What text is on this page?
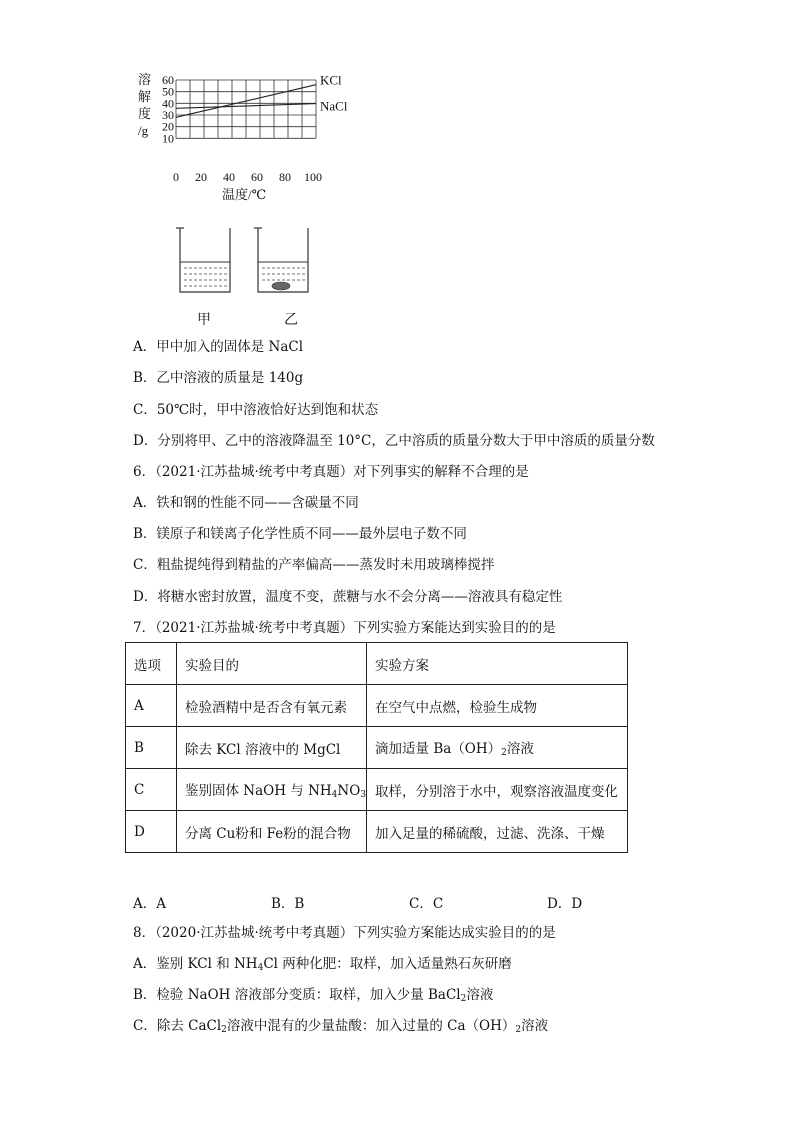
溶
解
度
/g
60
50
40
30
20
10
0 20 40 60 80 100
KCl
NaCl
温度/℃
甲	乙
A．甲中加入的固体是 NaCl
B．乙中溶液的质量是 140g
C．50℃时，甲中溶液恰好达到饱和状态
D．分别将甲、乙中的溶液降温至 10°C，乙中溶质的质量分数大于甲中溶质的质量分数
6．（2021·江苏盐城·统考中考真题）对下列事实的解释不合理的是
A．铁和钢的性能不同——含碳量不同
B．镁原子和镁离子化学性质不同——最外层电子数不同
C．粗盐提纯得到精盐的产率偏高——蒸发时未用玻璃棒搅拌
D．将糖水密封放置，温度不变，蔗糖与水不会分离——溶液具有稳定性
7．（2021·江苏盐城·统考中考真题）下列实验方案能达到实验目的的是
选项	实验目的	实验方案
A	检验酒精中是否含有氧元素	在空气中点燃，检验生成物
B	除去 KCl 溶液中的 MgCl	滴加适量 $Ba(OH)_2$溶液
C	鉴别固体 NaOH 与 $NH_4NO_3$	取样，分别溶于水中，观察溶液温度变化
D	分离 Cu粉和 Fe粉的混合物	加入足量的稀硫酸，过滤、洗涤、干燥
A．A	B．B	C．C	D．D
8．（2020·江苏盐城·统考中考真题）下列实验方案能达成实验目的的是
A．鉴别 KCl 和 $NH_4Cl$ 两种化肥：取样，加入适量熟石灰研磨
B．检验 NaOH 溶液部分变质：取样，加入少量 BaCl$_2$溶液
C．除去 CaCl$_2$溶液中混有的少量盐酸：加入过量的 $Ca(OH)_2$溶液
